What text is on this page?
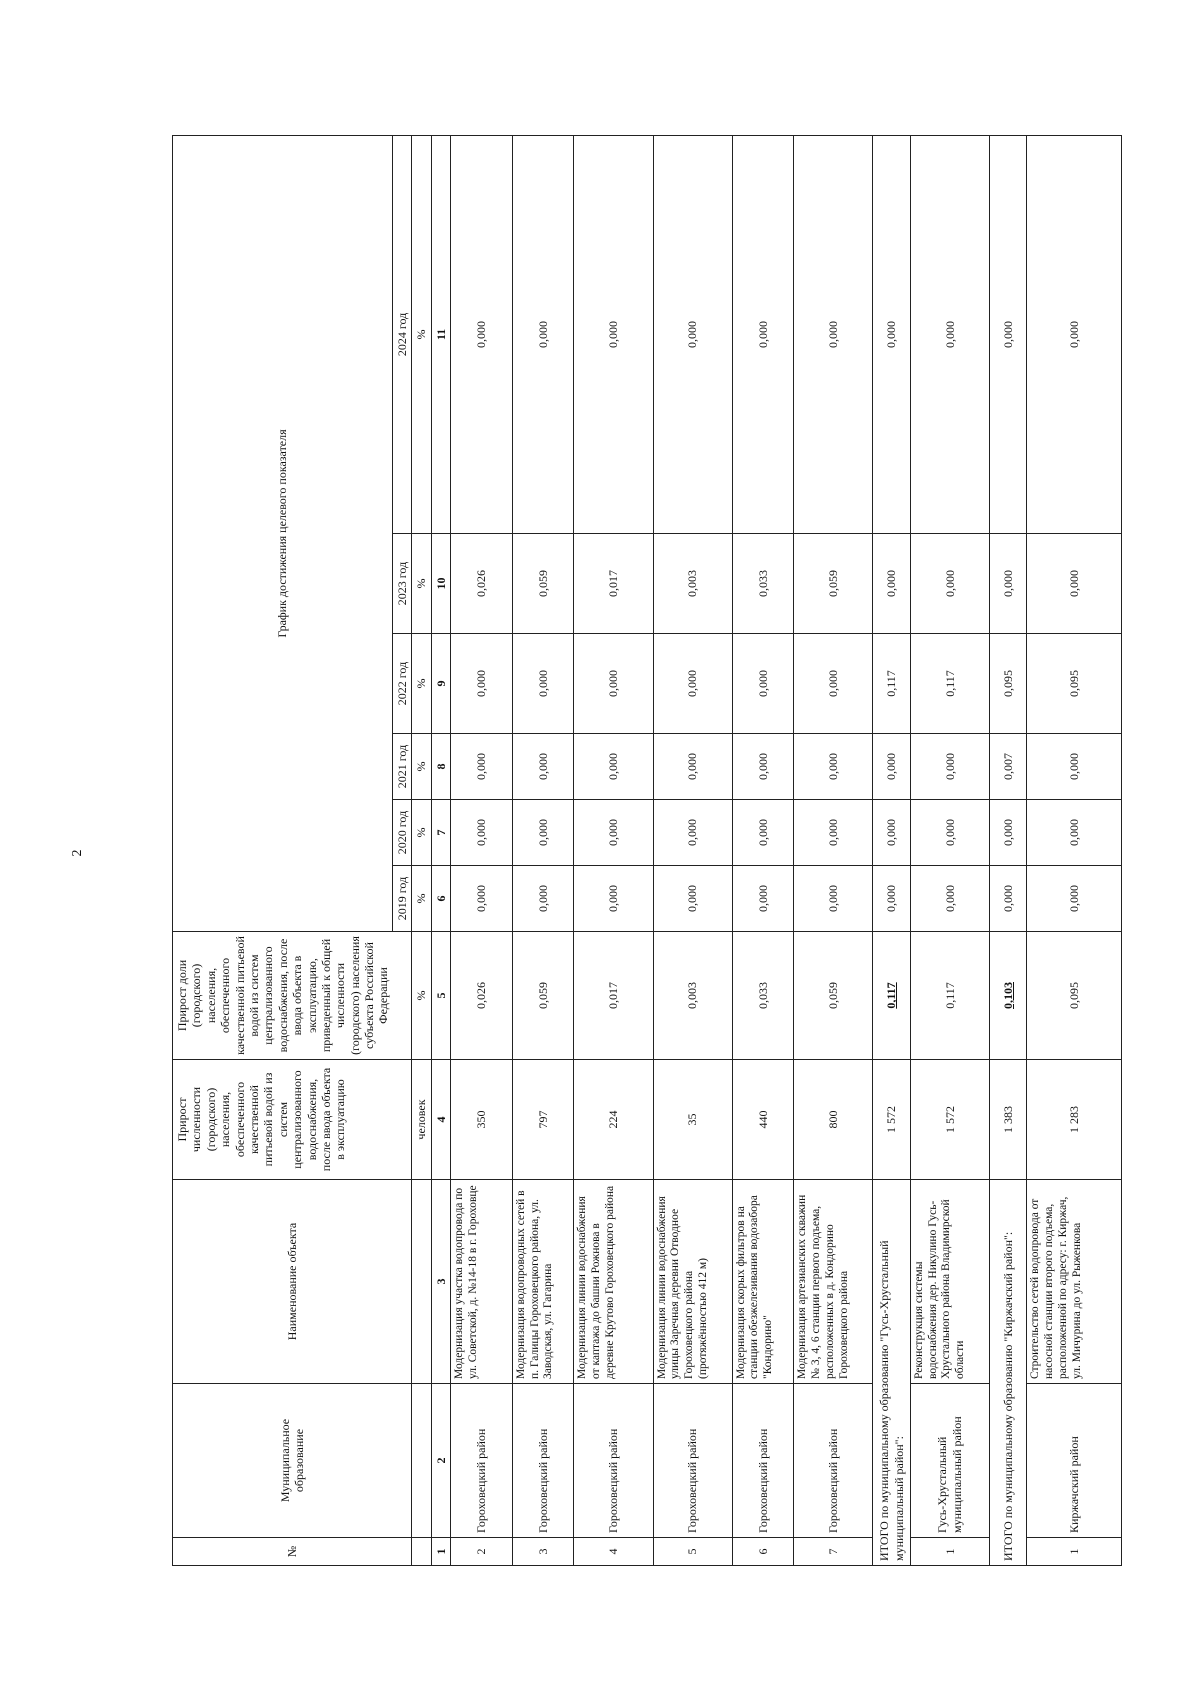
2
№	Муниципальное образование	Наименование объекта	Прирост численности (городского) населения, обеспеченного качественной питьевой водой из систем централизованного водоснабжения, после ввода объекта в эксплуатацию	Прирост доли (городского) населения, обеспеченного качественной питьевой водой из систем централизованного водоснабжения, после ввода объекта в эксплуатацию, приведенный к общей численности (городского) населения субъекта Российской Федерации	График достижения целевого показателя					
					2019 год	2020 год	2021 год	2022 год	2023 год	2024 год
			человек	%	%	%	%	%	%	%
1	2	3	4	5	6	7	8	9	10	11
2	Гороховецкий район	Модернизация участка водопровода по ул. Советской, д. №14-18 в г. Гороховце	350	0,026	0,000	0,000	0,000	0,000	0,026	0,000
3	Гороховецкий район	Модернизация водопроводных сетей в п. Галицы Гороховецкого района, ул. Заводская, ул. Гагарина	797	0,059	0,000	0,000	0,000	0,000	0,059	0,000
4	Гороховецкий район	Модернизация линии водоснабжения от каптажа до башни Рожнова в деревне Крутово Гороховецкого района	224	0,017	0,000	0,000	0,000	0,000	0,017	0,000
5	Гороховецкий район	Модернизация линии водоснабжения улицы Заречная деревни Отводное Гороховецкого района (протяжённостью 412 м)	35	0,003	0,000	0,000	0,000	0,000	0,003	0,000
6	Гороховецкий район	Модернизация скорых фильтров на станции обезжелезивания водозабора "Кондорино"	440	0,033	0,000	0,000	0,000	0,000	0,033	0,000
7	Гороховецкий район	Модернизация артезианских скважин № 3, 4, 6 станции первого подъема, расположенных в д. Кондорино Гороховецкого района	800	0,059	0,000	0,000	0,000	0,000	0,059	0,000
ИТОГО по муниципальному образованию "Гусь-Хрустальный муниципальный район":			1 572	0,117	0,000	0,000	0,000	0,117	0,000	0,000
1	Гусь-Хрустальный муниципальный район	Реконструкция системы водоснабжения дер. Никулино Гусь-Хрустального района Владимирской области	1 572	0,117	0,000	0,000	0,000	0,117	0,000	0,000
ИТОГО по муниципальному образованию "Киржачский район":			1 383	0,103	0,000	0,000	0,007	0,095	0,000	0,000
1	Киржачский район	Строительство сетей водопровода от насосной станции второго подъема, расположенной по адресу: г. Киржач, ул. Мичурина до ул. Рыженкова	1 283	0,095	0,000	0,000	0,000	0,095	0,000	0,000
